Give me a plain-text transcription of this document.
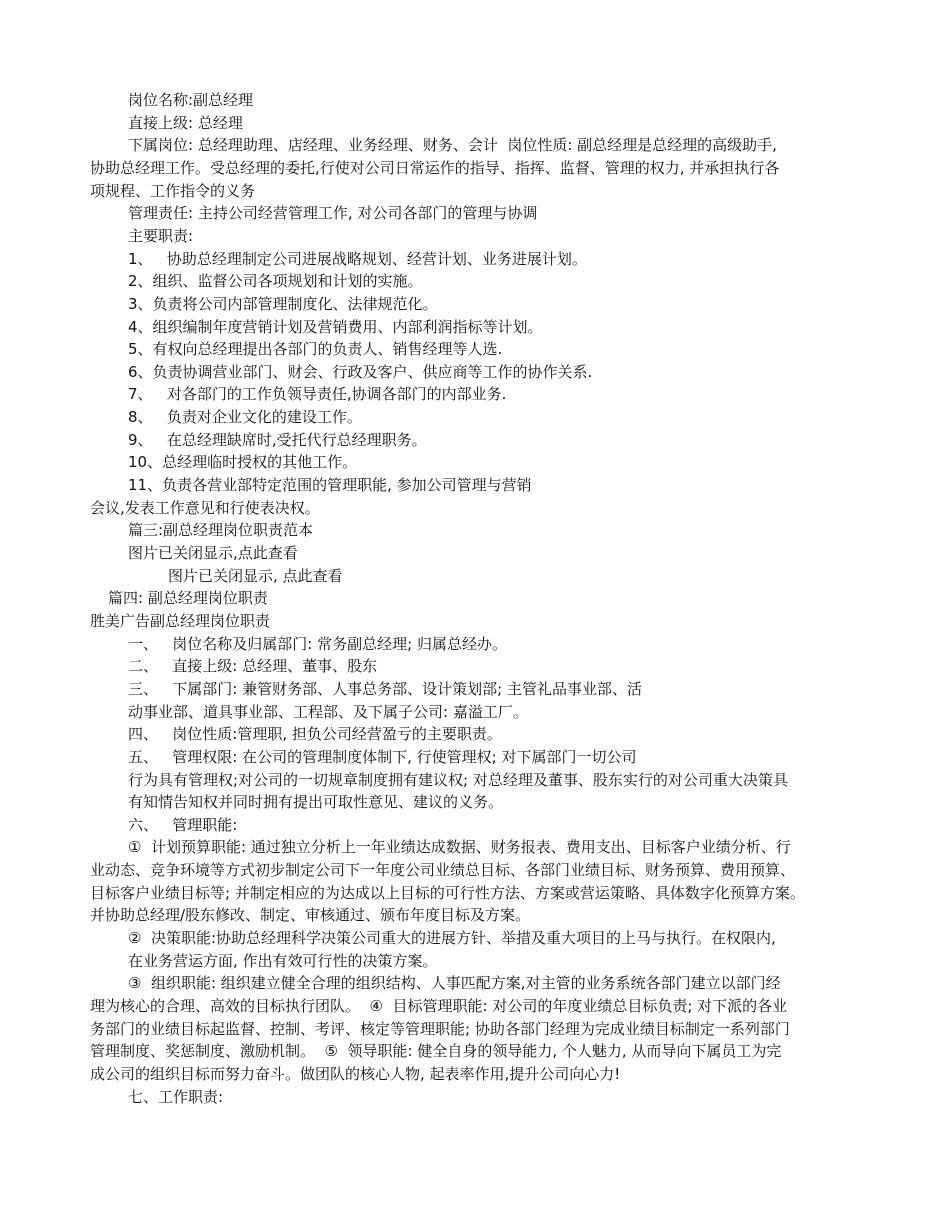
岗位名称:副总经理
直接上级: 总经理
下属岗位: 总经理助理、店经理、业务经理、财务、会计  岗位性质: 副总经理是总经理的高级助手,
协助总经理工作。受总经理的委托,行使对公司日常运作的指导、指挥、监督、管理的权力, 并承担执行各
项规程、工作指令的义务
管理责任: 主持公司经营管理工作, 对公司各部门的管理与协调
主要职责:
1、   协助总经理制定公司进展战略规划、经营计划、业务进展计划。
2、组织、监督公司各项规划和计划的实施。
3、负责将公司内部管理制度化、法律规范化。
4、组织编制年度营销计划及营销费用、内部利润指标等计划。
5、有权向总经理提出各部门的负责人、销售经理等人选.
6、负责协调营业部门、财会、行政及客户、供应商等工作的协作关系.
7、   对各部门的工作负领导责任,协调各部门的内部业务.
8、   负责对企业文化的建设工作。
9、   在总经理缺席时,受托代行总经理职务。
10、总经理临时授权的其他工作。
11、负责各营业部特定范围的管理职能, 参加公司管理与营销
会议,发表工作意见和行使表决权。
篇三:副总经理岗位职责范本
图片已关闭显示,点此查看
图片已关闭显示, 点此查看
篇四: 副总经理岗位职责
胜美广告副总经理岗位职责
一、   岗位名称及归属部门: 常务副总经理; 归属总经办。
二、   直接上级: 总经理、董事、股东
三、   下属部门: 兼管财务部、人事总务部、设计策划部; 主管礼品事业部、活
动事业部、道具事业部、工程部、及下属子公司: 嘉溢工厂。
四、   岗位性质:管理职, 担负公司经营盈亏的主要职责。
五、   管理权限: 在公司的管理制度体制下, 行使管理权; 对下属部门一切公司
行为具有管理权;对公司的一切规章制度拥有建议权; 对总经理及董事、股东实行的对公司重大决策具
有知情告知权并同时拥有提出可取性意见、建议的义务。
六、   管理职能:
①  计划预算职能: 通过独立分析上一年业绩达成数据、财务报表、费用支出、目标客户业绩分析、行
业动态、竞争环境等方式初步制定公司下一年度公司业绩总目标、各部门业绩目标、财务预算、费用预算、
目标客户业绩目标等; 并制定相应的为达成以上目标的可行性方法、方案或营运策略、具体数字化预算方案。
并协助总经理/股东修改、制定、审核通过、颁布年度目标及方案。
②  决策职能:协助总经理科学决策公司重大的进展方针、举措及重大项目的上马与执行。在权限内,
在业务营运方面, 作出有效可行性的决策方案。
③  组织职能: 组织建立健全合理的组织结构、人事匹配方案,对主管的业务系统各部门建立以部门经
理为核心的合理、高效的目标执行团队。  ④  目标管理职能: 对公司的年度业绩总目标负责; 对下派的各业
务部门的业绩目标起监督、控制、考评、核定等管理职能; 协助各部门经理为完成业绩目标制定一系列部门
管理制度、奖惩制度、激励机制。  ⑤  领导职能: 健全自身的领导能力, 个人魅力, 从而导向下属员工为完
成公司的组织目标而努力奋斗。做团队的核心人物, 起表率作用,提升公司向心力!
七、工作职责:
